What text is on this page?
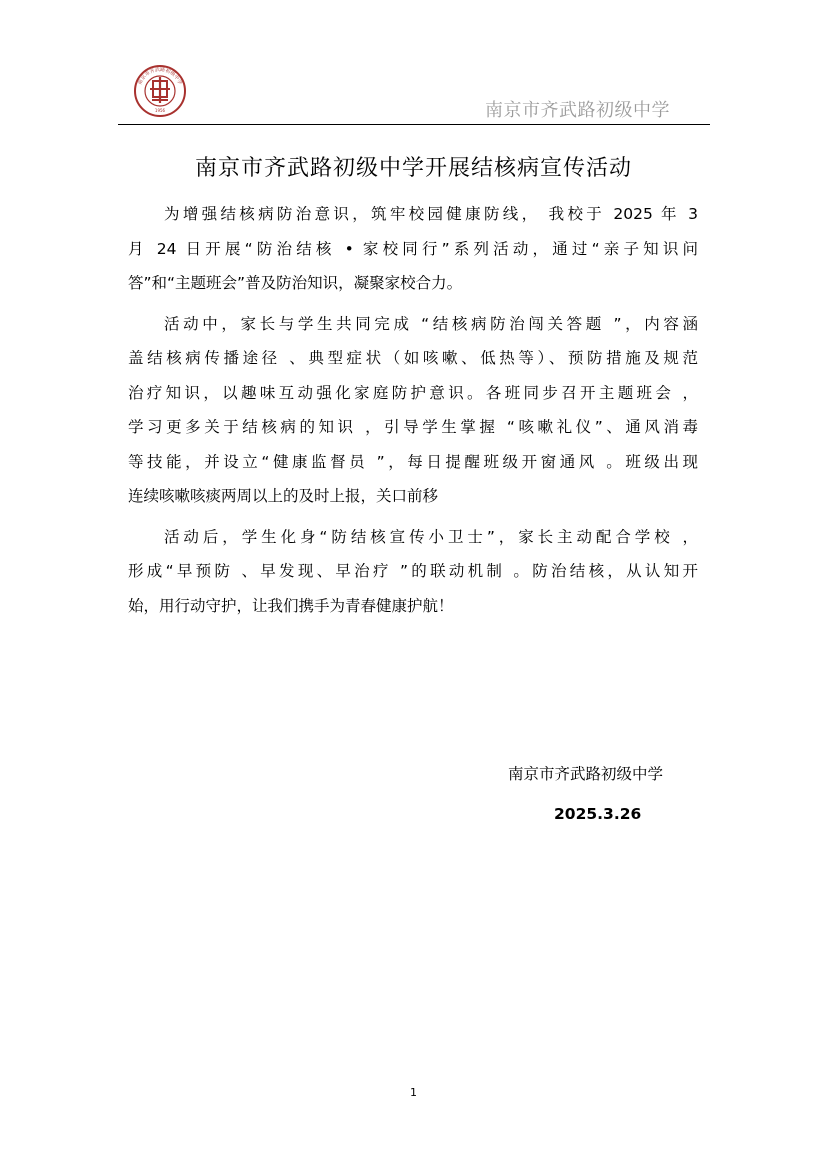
南京市齐武路初级中学
1956	南京市齐武路初级中学
南京市齐武路初级中学开展结核病宣传活动
为增强结核病防治意识，筑牢校园健康防线， 我校于 2025 年 3
月 24 日开展“防治结核 • 家校同行”系列活动，通过“亲子知识问
答”和“主题班会”普及防治知识，凝聚家校合力。
活动中，家长与学生共同完成 “结核病防治闯关答题 ”，内容涵
盖结核病传播途径 、典型症状（如咳嗽、低热等）、预防措施及规范
治疗知识，以趣味互动强化家庭防护意识。各班同步召开主题班会 ，
学习更多关于结核病的知识 ，引导学生掌握 “咳嗽礼仪”、通风消毒
等技能，并设立“健康监督员 ”，每日提醒班级开窗通风 。班级出现
连续咳嗽咳痰两周以上的及时上报，关口前移
活动后，学生化身“防结核宣传小卫士”，家长主动配合学校 ，
形成“早预防 、早发现、早治疗 ”的联动机制 。防治结核，从认知开
始，用行动守护，让我们携手为青春健康护航！
南京市齐武路初级中学
2025.3.26
1
